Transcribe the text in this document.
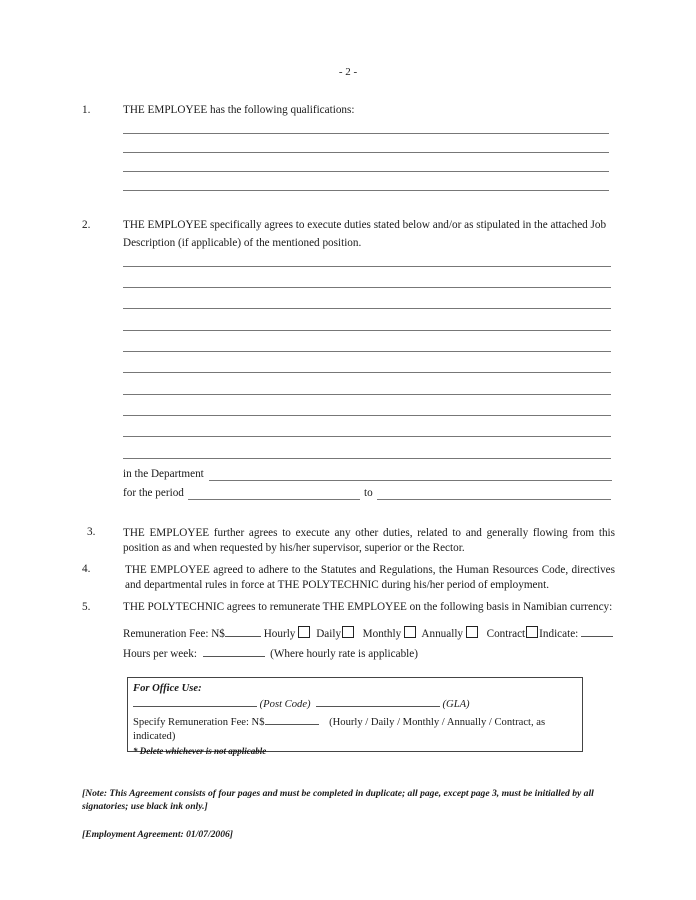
- 2 -
1.	THE EMPLOYEE has the following qualifications:
2.	THE EMPLOYEE specifically agrees to execute duties stated below and/or as stipulated in the attached Job
Description (if applicable) of the mentioned position.
in the Department
for the period	to
3. THE EMPLOYEE further agrees to execute any other duties, related to and generally flowing from this position as and when requested by his/her supervisor, superior or the Rector.
4.	THE EMPLOYEE agreed to adhere to the Statutes and Regulations, the Human Resources Code, directives and departmental rules in force at THE POLYTECHNIC during his/her period of employment.
5.	THE POLYTECHNIC agrees to remunerate THE EMPLOYEE on the following basis in Namibian currency:
Remuneration Fee: N$	Hourly Daily Monthly Annually Contract Indicate:
Hours per week:	(Where hourly rate is applicable)
For Office Use:
(Post Code)	(GLA)
Specify Remuneration Fee: N$	(Hourly / Daily / Monthly / Annually / Contract, as
indicated)
* Delete whichever is not applicable
[Note: This Agreement consists of four pages and must be completed in duplicate; all page, except page 3, must be initialled by all signatories; use black ink only.]
[Employment Agreement: 01/07/2006]
